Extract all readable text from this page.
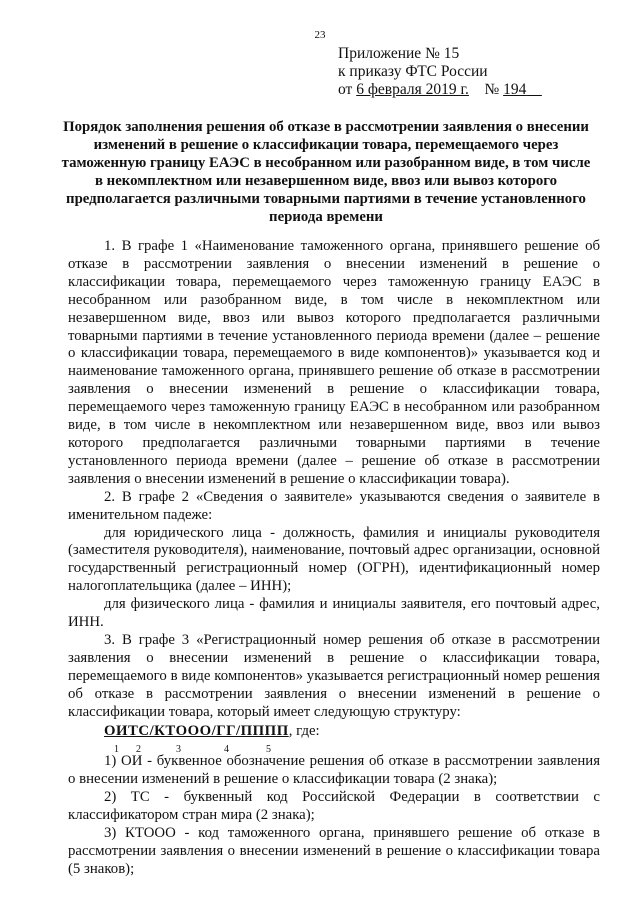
23
Приложение № 15
к приказу ФТС России
от 6 февраля 2019 г. № 194
Порядок заполнения решения об отказе в рассмотрении заявления о внесении изменений в решение о классификации товара, перемещаемого через таможенную границу ЕАЭС в несобранном или разобранном виде, в том числе в некомплектном или незавершенном виде, ввоз или вывоз которого предполагается различными товарными партиями в течение установленного периода времени

1. В графе 1 «Наименование таможенного органа, принявшего решение об отказе в рассмотрении заявления о внесении изменений в решение о классификации товара, перемещаемого через таможенную границу ЕАЭС в несобранном или разобранном виде, в том числе в некомплектном или незавершенном виде, ввоз или вывоз которого предполагается различными товарными партиями в течение установленного периода времени (далее – решение о классификации товара, перемещаемого в виде компонентов)» указывается код и наименование таможенного органа, принявшего решение об отказе в рассмотрении заявления о внесении изменений в решение о классификации товара, перемещаемого через таможенную границу ЕАЭС в несобранном или разобранном виде, в том числе в некомплектном или незавершенном виде, ввоз или вывоз которого предполагается различными товарными партиями в течение установленного периода времени (далее – решение об отказе в рассмотрении заявления о внесении изменений в решение о классификации товара).

2. В графе 2 «Сведения о заявителе» указываются сведения о заявителе в именительном падеже:

для юридического лица - должность, фамилия и инициалы руководителя (заместителя руководителя), наименование, почтовый адрес организации, основной государственный регистрационный номер (ОГРН), идентификационный номер налогоплательщика (далее – ИНН);

для физического лица - фамилия и инициалы заявителя, его почтовый адрес, ИНН.

3. В графе 3 «Регистрационный номер решения об отказе в рассмотрении заявления о внесении изменений в решение о классификации товара, перемещаемого в виде компонентов» указывается регистрационный номер решения об отказе в рассмотрении заявления о внесении изменений в решение о классификации товара, который имеет следующую структуру:

ОИТС/КТООО/ГГ/ПППП, где:
1 2	3	4	5

1) ОИ - буквенное обозначение решения об отказе в рассмотрении заявления о внесении изменений в решение о классификации товара (2 знака);

2) ТС - буквенный код Российской Федерации в соответствии с классификатором стран мира (2 знака);

3) КТООО - код таможенного органа, принявшего решение об отказе в рассмотрении заявления о внесении изменений в решение о классификации товара (5 знаков);
